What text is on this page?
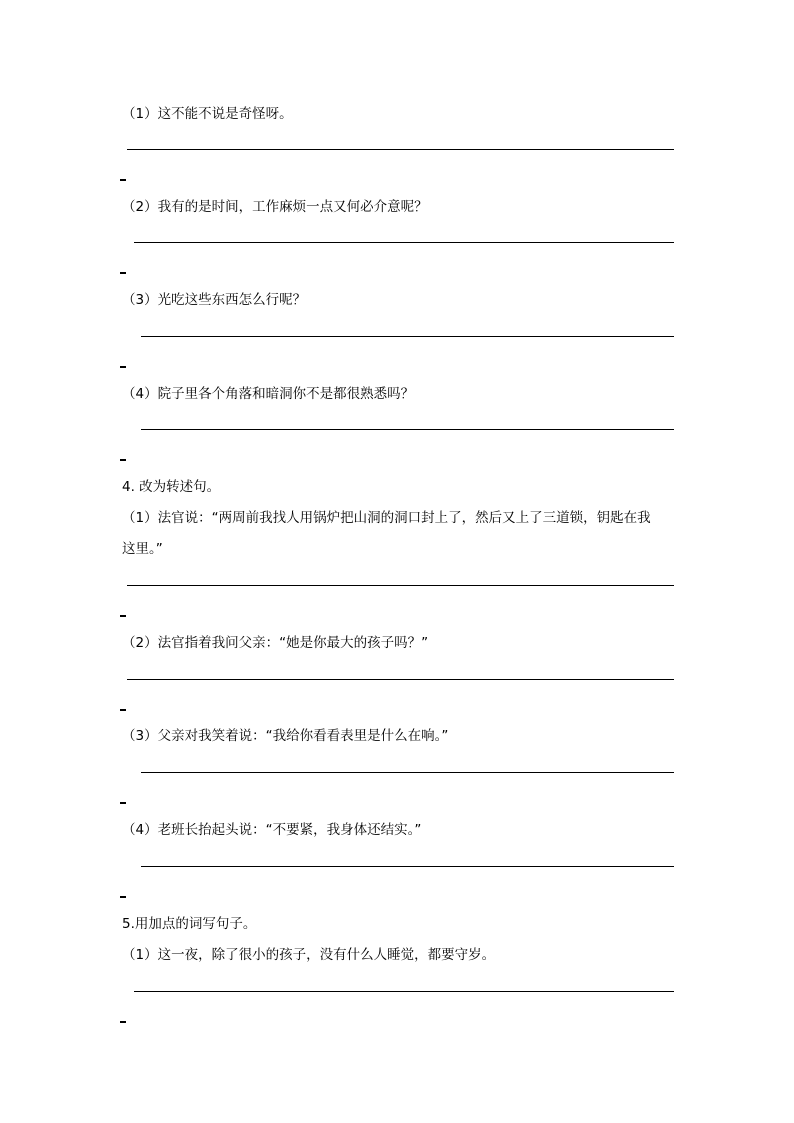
（1）这不能不说是奇怪呀。
（2）我有的是时间，工作麻烦一点又何必介意呢？
（3）光吃这些东西怎么行呢？
（4）院子里各个角落和暗洞你不是都很熟悉吗？
4. 改为转述句。
（1）法官说：“两周前我找人用锅炉把山洞的洞口封上了，然后又上了三道锁，钥匙在我
这里。”
（2）法官指着我问父亲：“她是你最大的孩子吗？”
（3）父亲对我笑着说：“我给你看看表里是什么在响。”
（4）老班长抬起头说：“不要紧，我身体还结实。”
5.用加点的词写句子。
（1）这一夜，除了很小的孩子，没有什么人睡觉，都要守岁。
